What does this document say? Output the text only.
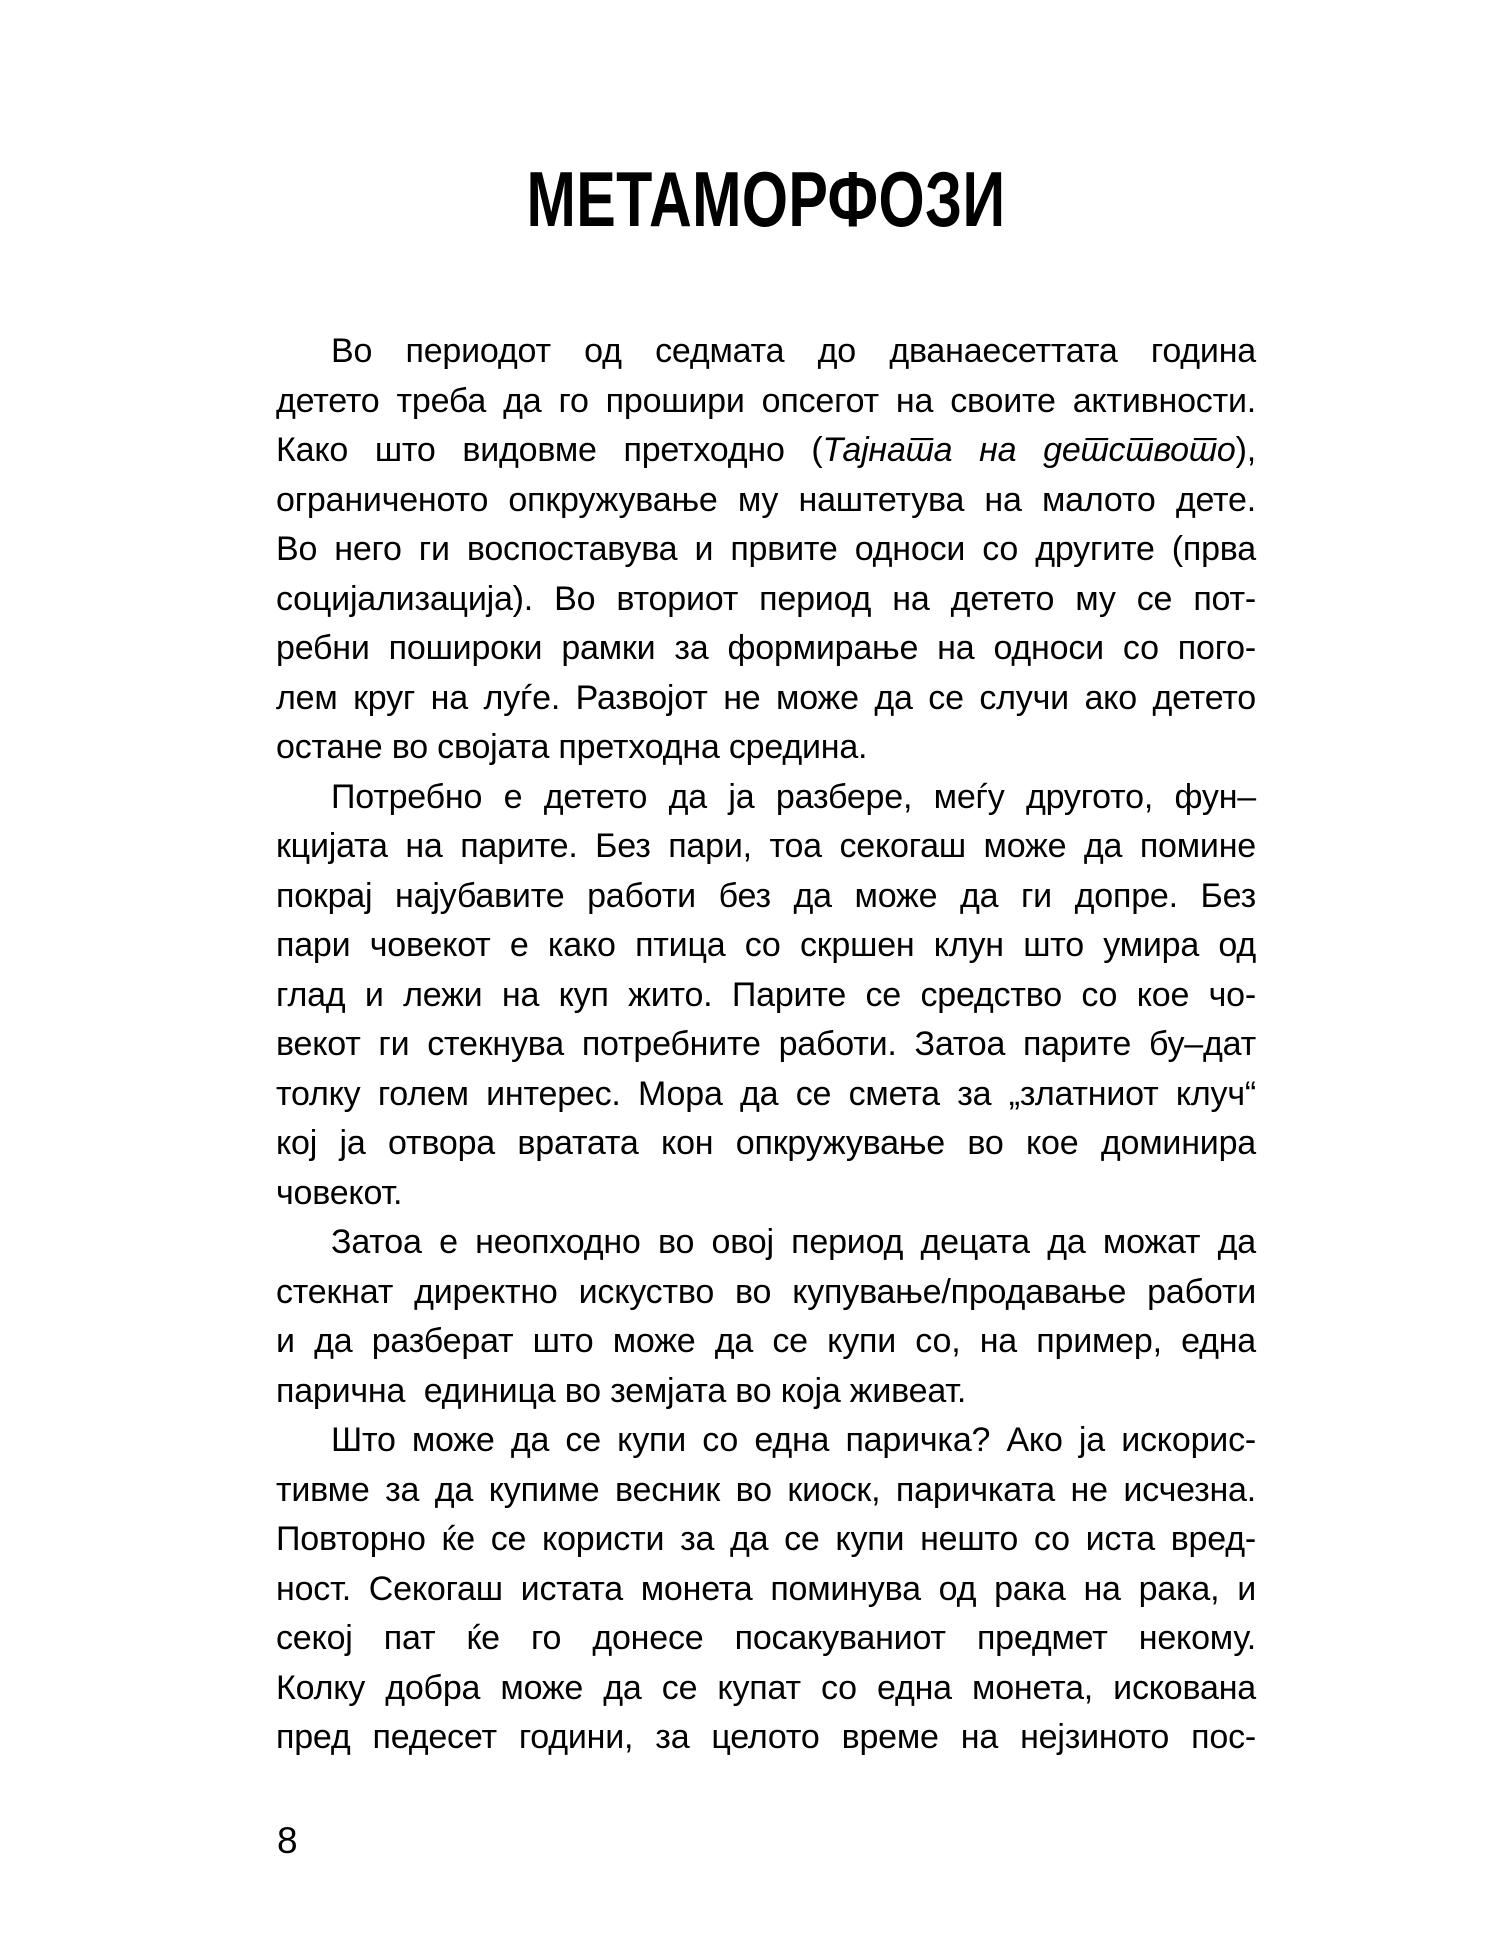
МЕТАМОРФОЗИ
Во периодот од седмата до дванаесеттата година
детето треба да го прошири опсегот на своите активности.
Како што видовме претходно (Тајната на детството),
ограниченото опкружување му наштетува на малото дете.
Во него ги воспоставува и првите односи со другите (прва
социјализација). Во вториот период на детето му се пот-
ребни пошироки рамки за формирање на односи со пого-
лем круг на луѓе. Развојот не може да се случи ако детето
остане во својата претходна средина.
Потребно е детето да ја разбере, меѓу другото, фун–
кцијата на парите. Без пари, тоа секогаш може да помине
покрај најубавите работи без да може да ги допре. Без
пари човекот е како птица со скршен клун што умира од
глад и лежи на куп жито. Парите се средство со кое чо-
векот ги стекнува потребните работи. Затоа парите бу–дат
толку голем интерес. Мора да се смета за „златниот клуч“
кој ја отвора вратата кон опкружување во кое доминира
човекот.
Затоа е неопходно во овој период децата да можат да
стекнат директно искуство во купување/продавање работи
и да разберат што може да се купи со, на пример, една
парична  единица во земјата во која живеат.
Што може да се купи со една паричка? Ако ја искорис-
тивме за да купиме весник во киоск, паричката не исчезна.
Повторно ќе се користи за да се купи нешто со иста вред-
ност. Секогаш истата монета поминува од рака на рака, и
секој пат ќе го донесе посакуваниот предмет некому.
Колку добра може да се купат со една монета, искована
пред педесет години, за целото време на нејзиното пос-
8
